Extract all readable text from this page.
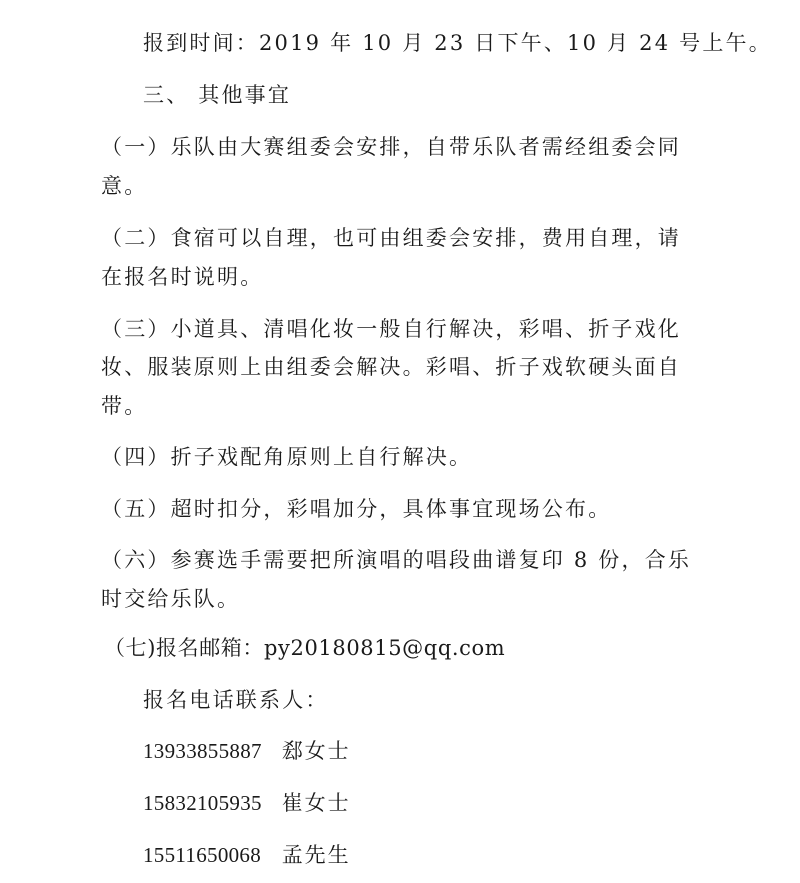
报到时间：2019 年 10 月 23 日下午、10 月 24 号上午。
三、 其他事宜
（一）乐队由大赛组委会安排，自带乐队者需经组委会同
意。
（二）食宿可以自理，也可由组委会安排，费用自理，请
在报名时说明。
（三）小道具、清唱化妆一般自行解决，彩唱、折子戏化
妆、服装原则上由组委会解决。彩唱、折子戏软硬头面自
带。
（四）折子戏配角原则上自行解决。
（五）超时扣分，彩唱加分，具体事宜现场公布。
（六）参赛选手需要把所演唱的唱段曲谱复印 8 份，合乐
时交给乐队。
（七)报名邮箱：py20180815@qq.com
报名电话联系人：
13933855887 郄女士
15832105935 崔女士
15511650068 孟先生
